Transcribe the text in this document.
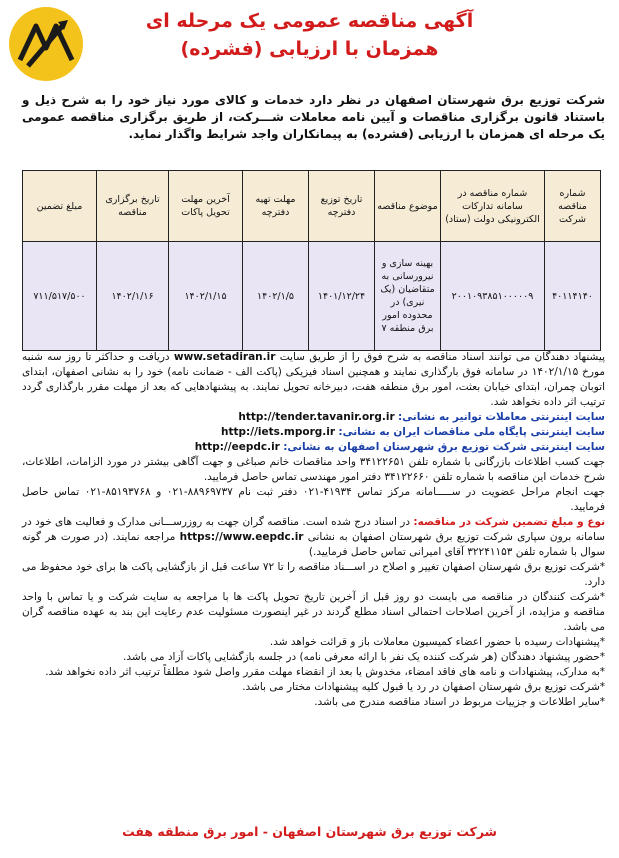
آگهی مناقصه عمومی یک مرحله ای
همزمان با ارزیابی (فشرده)
شرکت توزیع برق شهرستان اصفهان در نظر دارد خدمات و کالای مورد نیاز خود را به شرح ذیل و باستناد قانون برگزاری مناقصات و آیین نامه معاملات شـــرکت، از طریق برگزاری مناقصه عمومی یک مرحله ای همزمان با ارزیابی (فشرده) به پیمانکاران واجد شرایط واگذار نماید.
شماره مناقصه شرکت	شماره مناقصه در سامانه تدارکات الکترونیکی دولت (ستاد)	موضوع مناقصه	تاریخ توزیع دفترچه	مهلت تهیه دفترچه	آخرین مهلت تحویل پاکات	تاریخ برگزاری مناقصه	مبلغ تضمین
۴۰۱۱۴۱۴۰	۲۰۰۱۰۹۳۸۵۱۰۰۰۰۰۹	بهینه سازی و نیرورسانی به متقاضیان (یک نیری) در محدوده امور برق منطقه ۷	۱۴۰۱/۱۲/۲۴	۱۴۰۲/۱/۵	۱۴۰۲/۱/۱۵	۱۴۰۲/۱/۱۶	۷۱۱/۵۱۷/۵۰۰

پیشنهاد دهندگان می توانند اسناد مناقصه به شرح فوق را از طریق سایت www.setadiran.ir دریافت و حداکثر تا روز سه شنبه مورخ ۱۴۰۲/۱/۱۵ در سامانه فوق بارگذاری نمایند و همچنین اسناد فیزیکی (پاکت الف - ضمانت نامه) خود را به نشانی اصفهان، ابتدای اتوبان چمران، ابتدای خیابان بعثت، امور برق منطقه هفت، دبیرخانه تحویل نمایند. به پیشنهادهایی که بعد از مهلت مقرر بارگذاری گردد ترتیب اثر داده نخواهد شد.

سایت اینترنتی معاملات توانیر به نشانی: http://tender.tavanir.org.ir

سایت اینترنتی پایگاه ملی مناقصات ایران به نشانی: http://iets.mporg.ir

سایت اینترنتی شرکت توزیع برق شهرستان اصفهان به نشانی: http://eepdc.ir

جهت کسب اطلاعات بازرگانی با شماره تلفن ۳۴۱۲۲۶۵۱ واحد مناقصات خانم صباغی و جهت آگاهی بیشتر در مورد الزامات، اطلاعات، شرح خدمات این مناقصه با شماره تلفن ۳۴۱۲۲۶۶۰ دفتر امور مهندسی تماس حاصل فرمایید.

جهت انجام مراحل عضویت در ســـــامانه مرکز تماس ۴۱۹۳۴-۰۲۱ دفتر ثبت نام ۸۸۹۶۹۷۳۷-۰۲۱ و ۸۵۱۹۳۷۶۸-۰۲۱ تماس حاصل فرمایید.

نوع و مبلغ تضمین شرکت در مناقصه: در اسناد درج شده است. مناقصه گران جهت به روزرســـانی مدارک و فعالیت های خود در سامانه برون سپاری شرکت توزیع برق شهرستان اصفهان به نشانی https://www.eepdc.ir مراجعه نمایند. (در صورت هر گونه سوال با شماره تلفن ۳۲۲۴۱۱۵۳ آقای امیرانی تماس حاصل فرمایید.)

*شرکت توزیع برق شهرستان اصفهان تغییر و اصلاح در اســـناد مناقصه را تا ۷۲ ساعت قبل از بازگشایی پاکت ها برای خود محفوظ می دارد.

*شرکت کنندگان در مناقصه می بایست دو روز قبل از آخرین تاریخ تحویل پاکت ها با مراجعه به سایت شرکت و یا تماس با واحد مناقصه و مزایده، از آخرین اصلاحات احتمالی اسناد مطلع گردند در غیر اینصورت مسئولیت عدم رعایت این بند به عهده مناقصه گران می باشد.

*پیشنهادات رسیده با حضور اعضاء کمیسیون معاملات باز و قرائت خواهد شد.

*حضور پیشنهاد دهندگان (هر شرکت کننده یک نفر با ارائه معرفی نامه) در جلسه بازگشایی پاکات آزاد می باشد.

*به مدارک، پیشنهادات و نامه های فاقد امضاء، مخدوش یا بعد از انقضاء مهلت مقرر واصل شود مطلقاً ترتیب اثر داده نخواهد شد.

*شرکت توزیع برق شهرستان اصفهان در رد یا قبول کلیه پیشنهادات مختار می باشد.

*سایر اطلاعات و جزییات مربوط در اسناد مناقصه مندرج می باشد.

شرکت توزیع برق شهرستان اصفهان - امور برق منطقه هفت
